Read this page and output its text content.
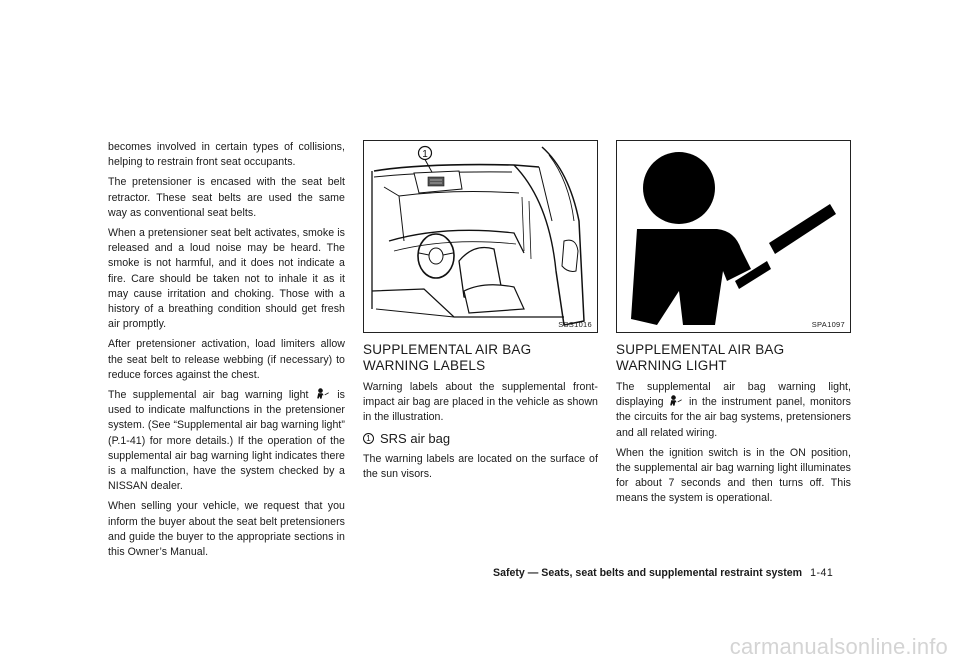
becomes involved in certain types of collisions, helping to restrain front seat occupants.

The pretensioner is encased with the seat belt retractor. These seat belts are used the same way as conventional seat belts.

When a pretensioner seat belt activates, smoke is released and a loud noise may be heard. The smoke is not harmful, and it does not indicate a fire. Care should be taken not to inhale it as it may cause irritation and choking. Those with a history of a breathing condition should get fresh air promptly.

After pretensioner activation, load limiters allow the seat belt to release webbing (if necessary) to reduce forces against the chest.

The supplemental air bag warning light	is used to indicate malfunctions in the pretensioner system. (See “Supplemental air bag warning light” (P.1-41) for more details.) If the operation of the supplemental air bag warning light indicates there is a malfunction, have the system checked by a NISSAN dealer.

When selling your vehicle, we request that you inform the buyer about the seat belt pretensioners and guide the buyer to the appropriate sections in this Owner’s Manual.

1
SSS1016
SUPPLEMENTAL AIR BAG WARNING LABELS

Warning labels about the supplemental front-impact air bag are placed in the vehicle as shown in the illustration.

1 SRS air bag

The warning labels are located on the surface of the sun visors.

SPA1097
SUPPLEMENTAL AIR BAG WARNING LIGHT

The supplemental air bag warning light, displaying in the instrument panel, monitors the circuits for the air bag systems, pretensioners and all related wiring.

When the ignition switch is in the ON position, the supplemental air bag warning light illuminates for about 7 seconds and then turns off. This means the system is operational.

Safety — Seats, seat belts and supplemental restraint system 1-41
carmanualsonline.info
